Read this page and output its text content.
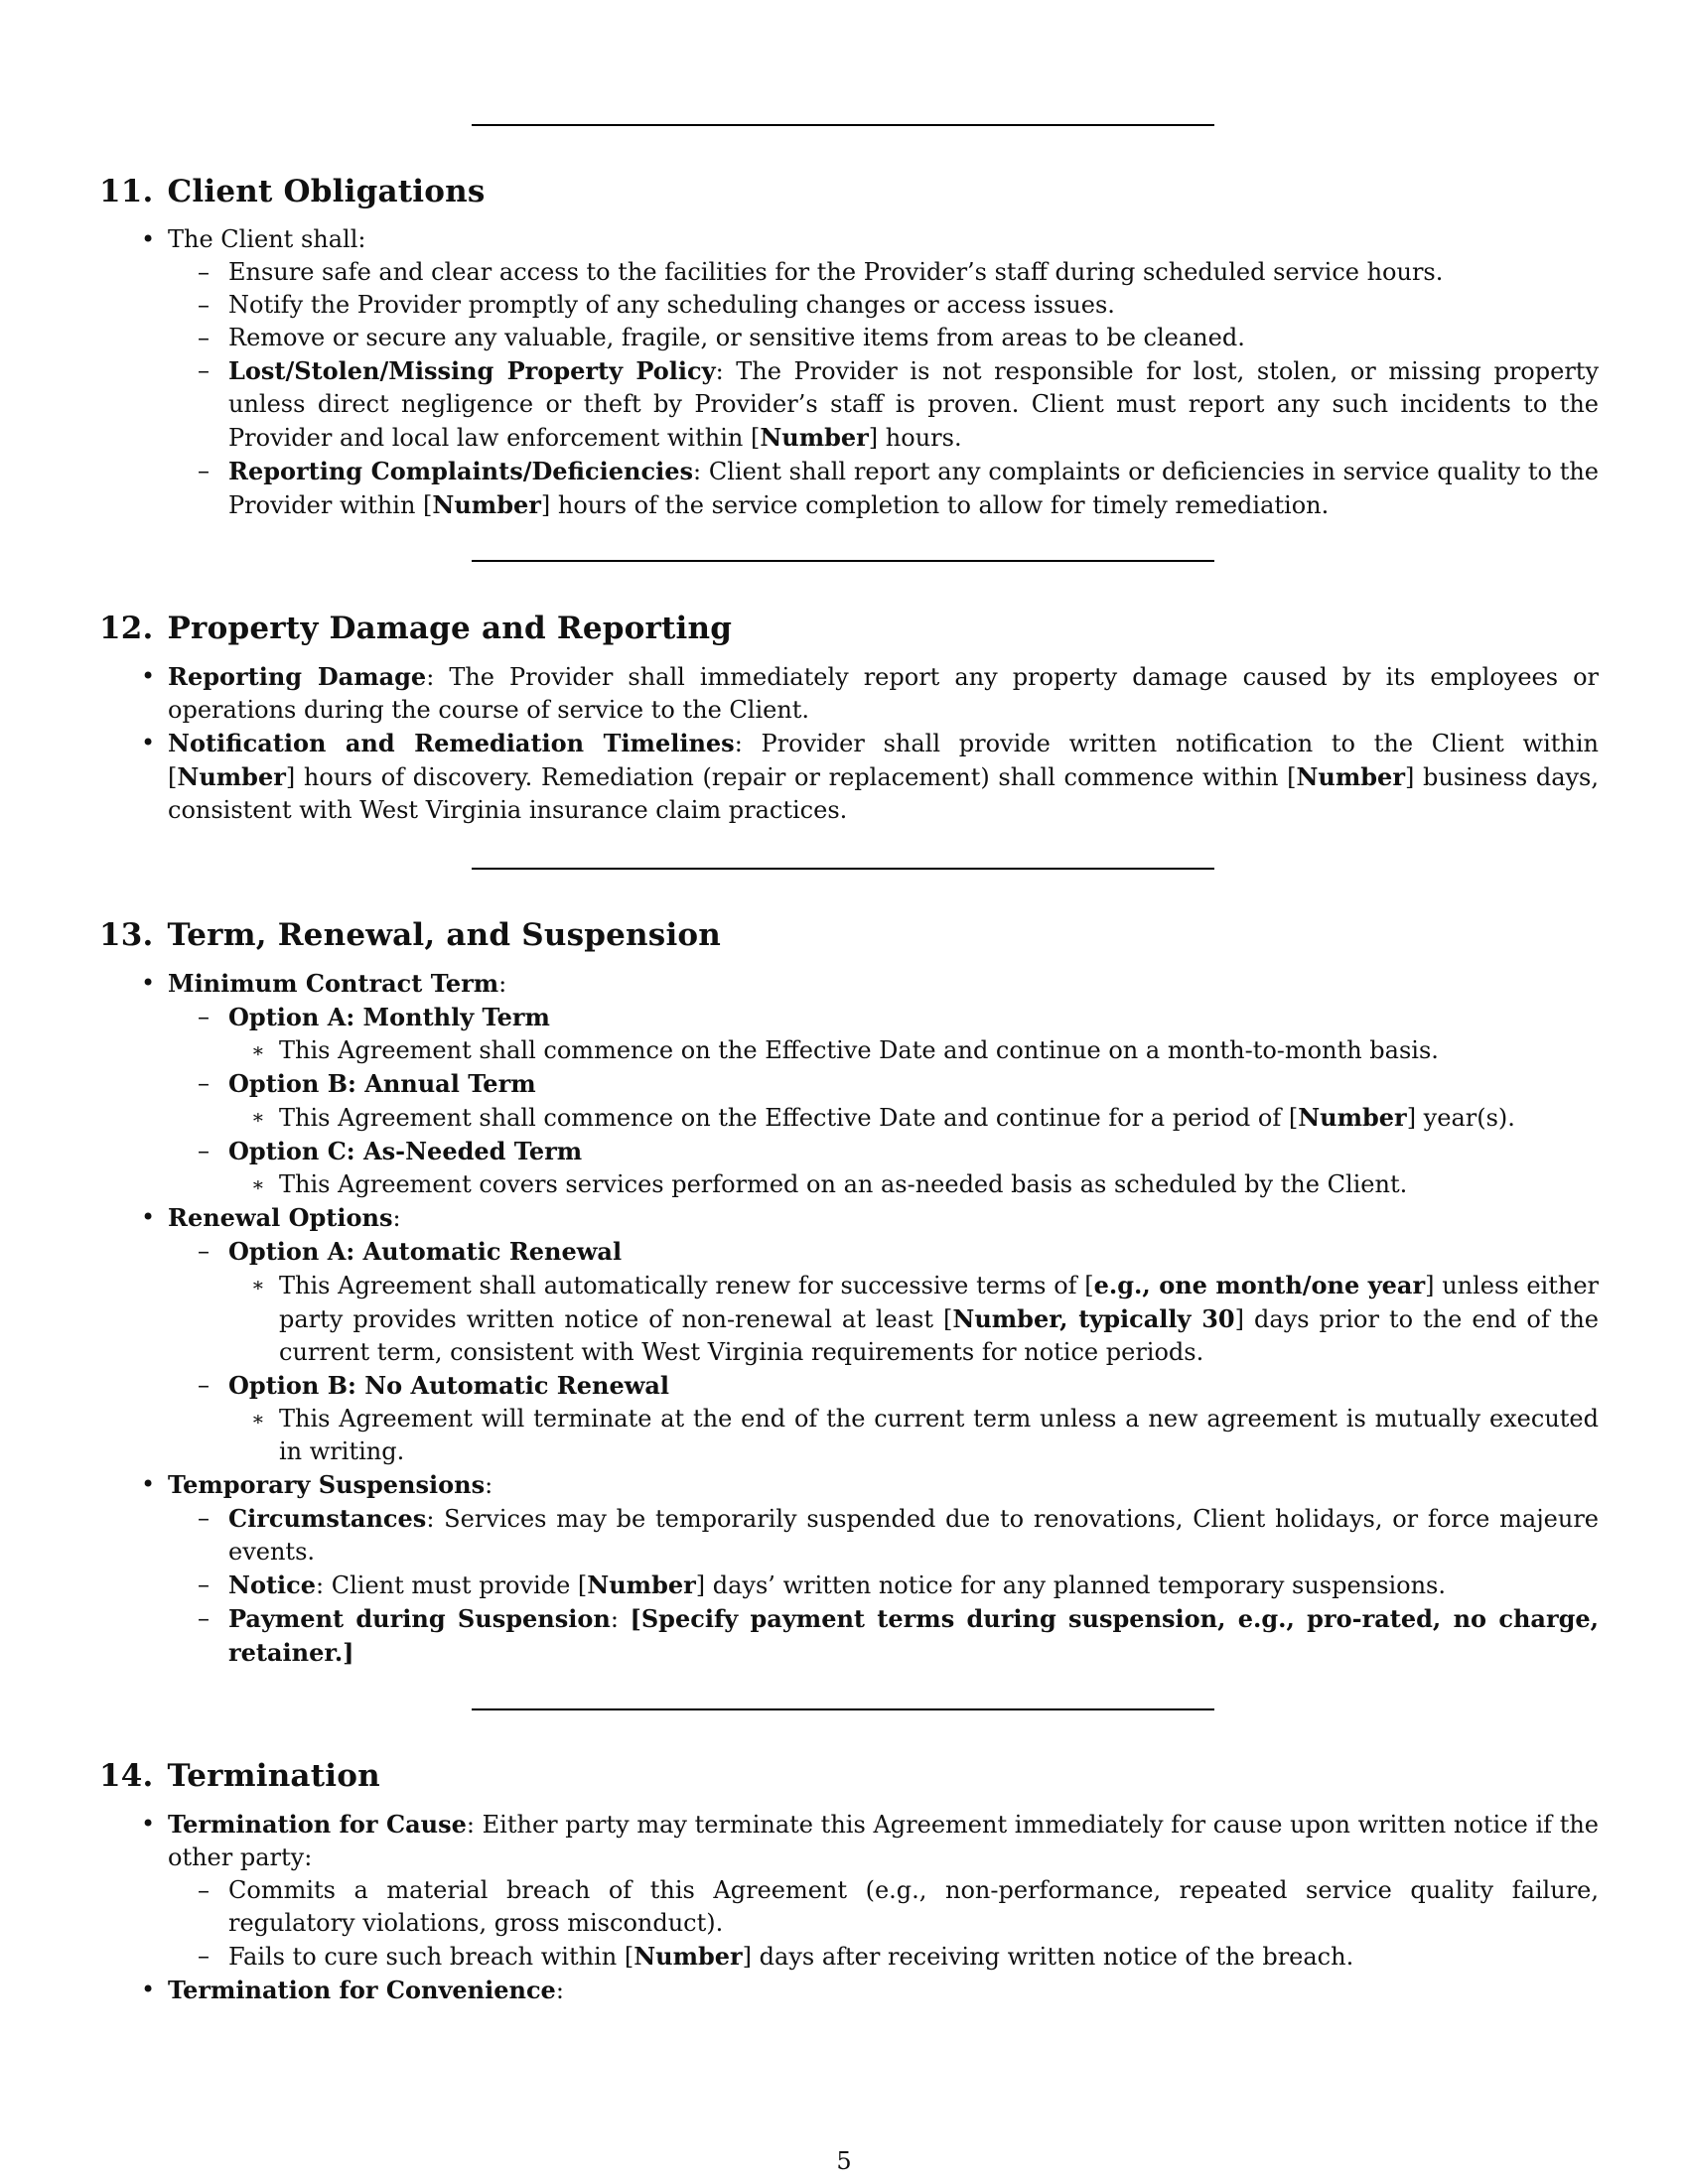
11. Client Obligations
• The Client shall:
– Ensure safe and clear access to the facilities for the Provider’s staff during scheduled service hours.
– Notify the Provider promptly of any scheduling changes or access issues.
– Remove or secure any valuable, fragile, or sensitive items from areas to be cleaned.
– Lost/Stolen/Missing Property Policy: The Provider is not responsible for lost, stolen, or missing property unless direct negligence or theft by Provider’s staff is proven. Client must report any such incidents to the Provider and local law enforcement within [Number] hours.
– Reporting Complaints/Deficiencies: Client shall report any complaints or deficiencies in service quality to the Provider within [Number] hours of the service completion to allow for timely remediation.
12. Property Damage and Reporting
• Reporting Damage: The Provider shall immediately report any property damage caused by its employees or operations during the course of service to the Client.
• Notification and Remediation Timelines: Provider shall provide written notification to the Client within [Number] hours of discovery. Remediation (repair or replacement) shall commence within [Number] business days, consistent with West Virginia insurance claim practices.
13. Term, Renewal, and Suspension
• Minimum Contract Term:
– Option A: Monthly Term
∗ This Agreement shall commence on the Effective Date and continue on a month-to-month basis.
– Option B: Annual Term
∗ This Agreement shall commence on the Effective Date and continue for a period of [Number] year(s).
– Option C: As-Needed Term
∗ This Agreement covers services performed on an as-needed basis as scheduled by the Client.
• Renewal Options:
– Option A: Automatic Renewal
∗ This Agreement shall automatically renew for successive terms of [e.g., one month/one year] unless either party provides written notice of non-renewal at least [Number, typically 30] days prior to the end of the current term, consistent with West Virginia requirements for notice periods.
– Option B: No Automatic Renewal
∗ This Agreement will terminate at the end of the current term unless a new agreement is mutually executed in writing.
• Temporary Suspensions:
– Circumstances: Services may be temporarily suspended due to renovations, Client holidays, or force majeure events.
– Notice: Client must provide [Number] days’ written notice for any planned temporary suspensions.
– Payment during Suspension: [Specify payment terms during suspension, e.g., pro-rated, no charge, retainer.]
14. Termination
• Termination for Cause: Either party may terminate this Agreement immediately for cause upon written notice if the other party:
– Commits a material breach of this Agreement (e.g., non-performance, repeated service quality failure, regulatory violations, gross misconduct).
– Fails to cure such breach within [Number] days after receiving written notice of the breach.
• Termination for Convenience:
5
